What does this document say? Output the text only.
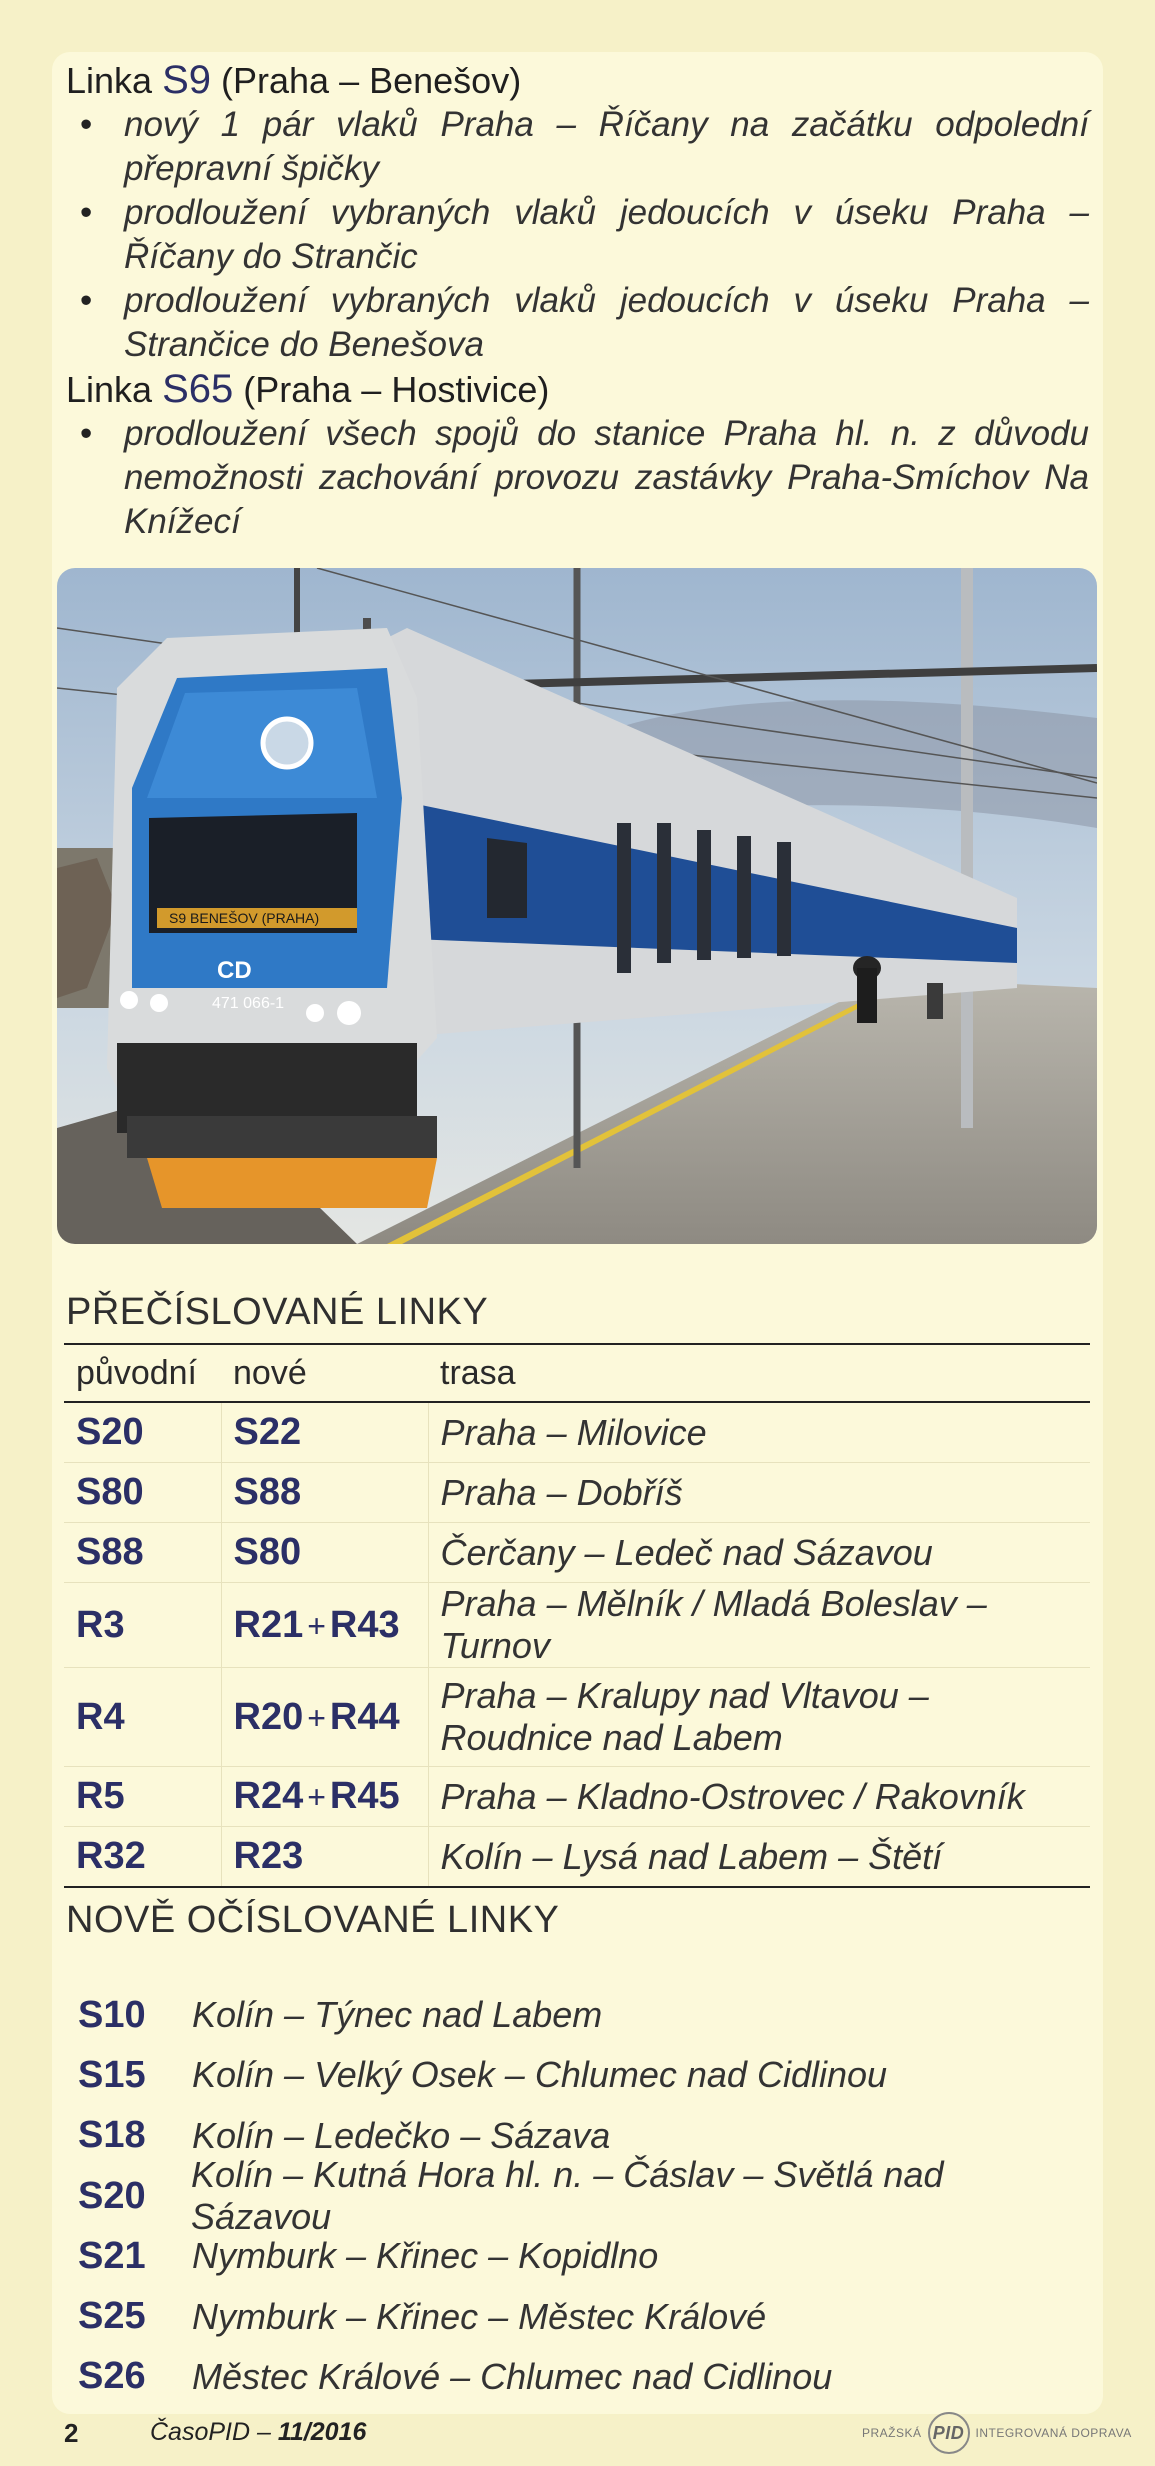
Linka S9 (Praha – Benešov)

• nový 1 pár vlaků Praha – Říčany na začátku odpolední přepravní špičky
• prodloužení vybraných vlaků jedoucích v úseku Praha – Říčany do Strančic
• prodloužení vybraných vlaků jedoucích v úseku Praha – Strančice do Benešova

Linka S65 (Praha – Hostivice)

• prodloužení všech spojů do stanice Praha hl. n. z důvodu nemožnosti zachování provozu zastávky Praha-Smíchov Na Knížecí
S9 BENEŠOV (PRAHA)
CD
471 066-1
PŘEČÍSLOVANÉ LINKY
původní	nové	trasa
S20	S22	Praha – Milovice
S80	S88	Praha – Dobříš
S88	S80	Čerčany – Ledeč nad Sázavou
R3	R21 + R43	Praha – Mělník / Mladá Boleslav – Turnov
R4	R20 + R44	Praha – Kralupy nad Vltavou – Roudnice nad Labem
R5	R24 + R45	Praha – Kladno-Ostrovec / Rakovník
R32	R23	Kolín – Lysá nad Labem – Štětí
NOVĚ OČÍSLOVANÉ LINKY
S10	Kolín – Týnec nad Labem
S15	Kolín – Velký Osek – Chlumec nad Cidlinou
S18	Kolín – Ledečko – Sázava
S20	Kolín – Kutná Hora hl. n. – Čáslav – Světlá nad Sázavou
S21	Nymburk – Křinec – Kopidlno
S25	Nymburk – Křinec – Městec Králové
S26	Městec Králové – Chlumec nad Cidlinou
2	ČasoPID – 11/2016	PRAŽSKÁ PID INTEGROVANÁ DOPRAVA
